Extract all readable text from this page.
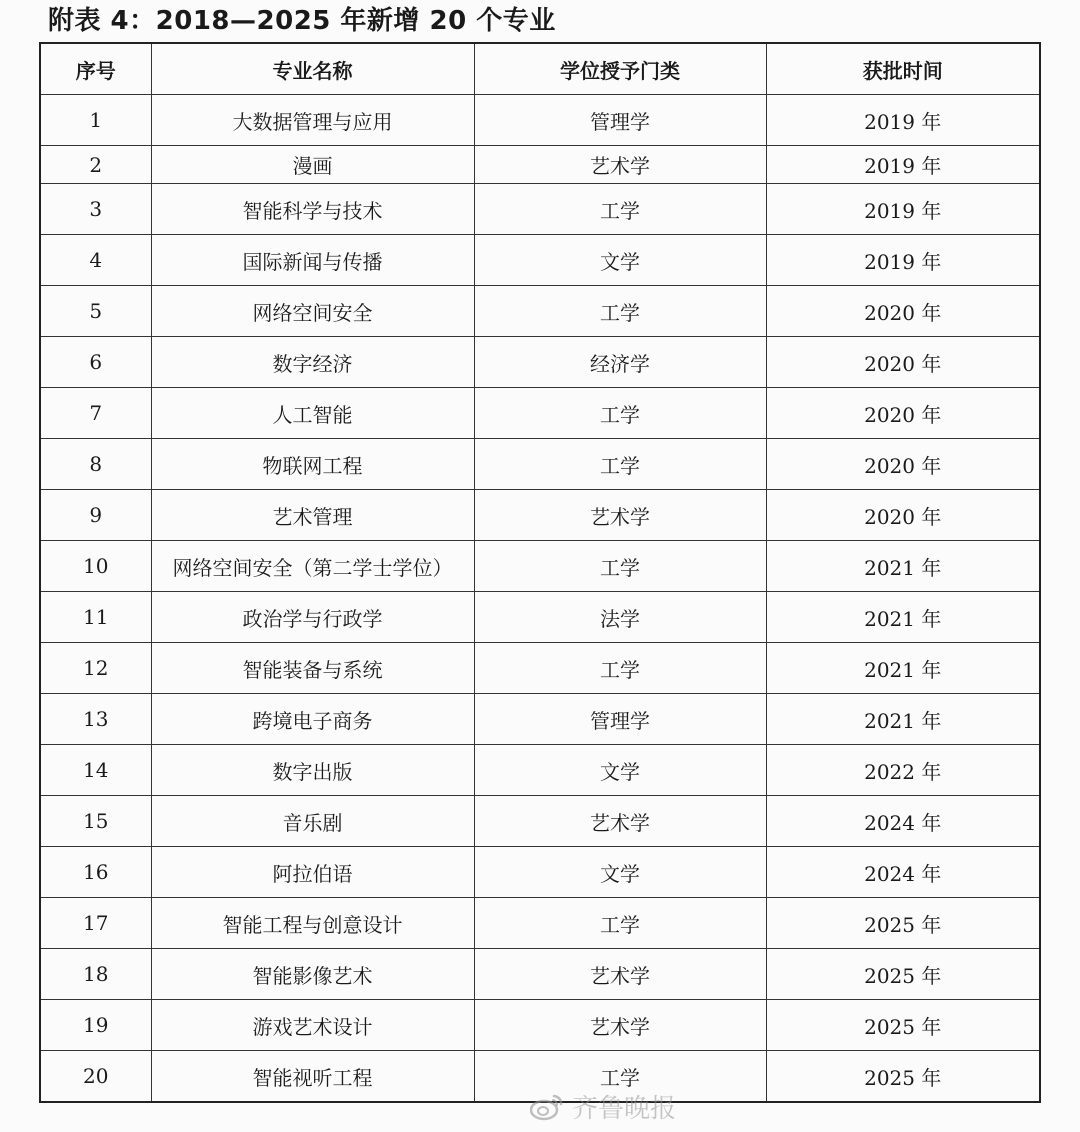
附表 4：2018—2025 年新增 20 个专业
序号	专业名称	学位授予门类	获批时间
1	大数据管理与应用	管理学	2019 年
2	漫画	艺术学	2019 年
3	智能科学与技术	工学	2019 年
4	国际新闻与传播	文学	2019 年
5	网络空间安全	工学	2020 年
6	数字经济	经济学	2020 年
7	人工智能	工学	2020 年
8	物联网工程	工学	2020 年
9	艺术管理	艺术学	2020 年
10	网络空间安全（第二学士学位）	工学	2021 年
11	政治学与行政学	法学	2021 年
12	智能装备与系统	工学	2021 年
13	跨境电子商务	管理学	2021 年
14	数字出版	文学	2022 年
15	音乐剧	艺术学	2024 年
16	阿拉伯语	文学	2024 年
17	智能工程与创意设计	工学	2025 年
18	智能影像艺术	艺术学	2025 年
19	游戏艺术设计	艺术学	2025 年
20	智能视听工程	工学	2025 年
齐鲁晚报
